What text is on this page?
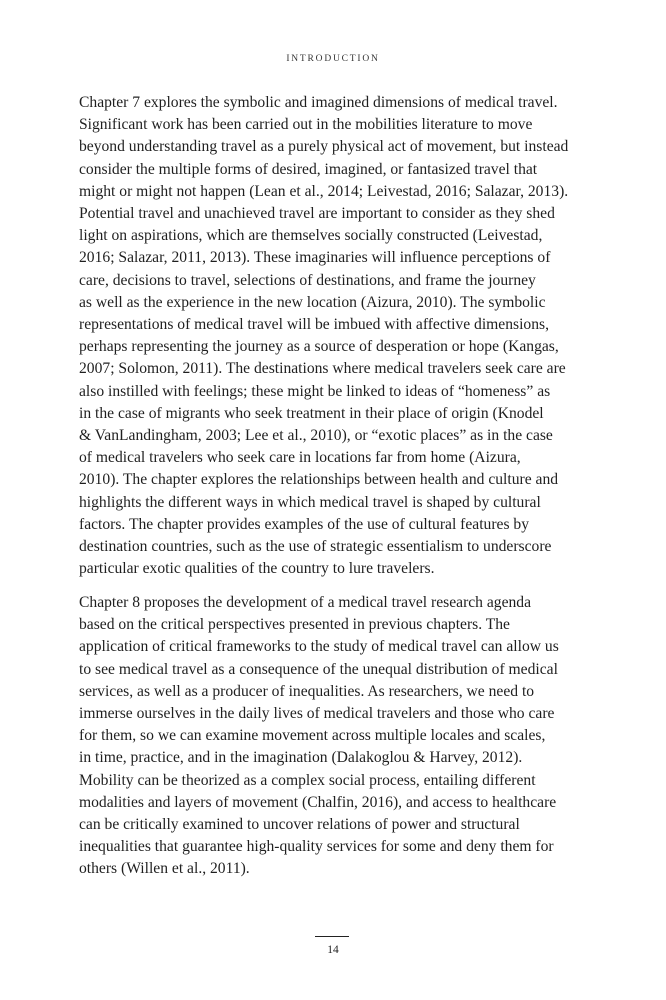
INTRODUCTION

Chapter 7 explores the symbolic and imagined dimensions of medical travel.
Significant work has been carried out in the mobilities literature to move
beyond understanding travel as a purely physical act of movement, but instead
consider the multiple forms of desired, imagined, or fantasized travel that
might or might not happen (Lean et al., 2014; Leivestad, 2016; Salazar, 2013).
Potential travel and unachieved travel are important to consider as they shed
light on aspirations, which are themselves socially constructed (Leivestad,
2016; Salazar, 2011, 2013). These imaginaries will influence perceptions of
care, decisions to travel, selections of destinations, and frame the journey
as well as the experience in the new location (Aizura, 2010). The symbolic
representations of medical travel will be imbued with affective dimensions,
perhaps representing the journey as a source of desperation or hope (Kangas,
2007; Solomon, 2011). The destinations where medical travelers seek care are
also instilled with feelings; these might be linked to ideas of “homeness” as
in the case of migrants who seek treatment in their place of origin (Knodel
& VanLandingham, 2003; Lee et al., 2010), or “exotic places” as in the case
of medical travelers who seek care in locations far from home (Aizura,
2010). The chapter explores the relationships between health and culture and
highlights the different ways in which medical travel is shaped by cultural
factors. The chapter provides examples of the use of cultural features by
destination countries, such as the use of strategic essentialism to underscore
particular exotic qualities of the country to lure travelers.

Chapter 8 proposes the development of a medical travel research agenda
based on the critical perspectives presented in previous chapters. The
application of critical frameworks to the study of medical travel can allow us
to see medical travel as a consequence of the unequal distribution of medical
services, as well as a producer of inequalities. As researchers, we need to
immerse ourselves in the daily lives of medical travelers and those who care
for them, so we can examine movement across multiple locales and scales,
in time, practice, and in the imagination (Dalakoglou & Harvey, 2012).
Mobility can be theorized as a complex social process, entailing different
modalities and layers of movement (Chalfin, 2016), and access to healthcare
can be critically examined to uncover relations of power and structural
inequalities that guarantee high-quality services for some and deny them for
others (Willen et al., 2011).

14
